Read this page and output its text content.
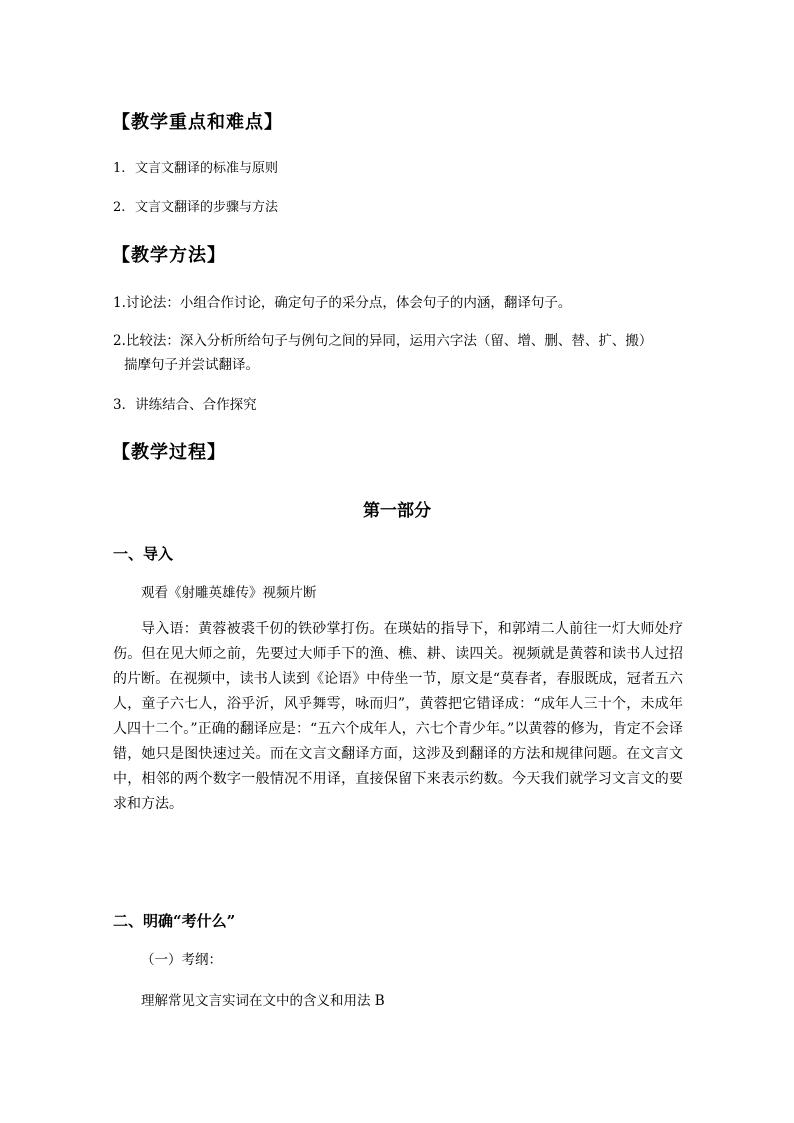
【教学重点和难点】
1. 文言文翻译的标准与原则
2. 文言文翻译的步骤与方法
【教学方法】
1.讨论法：小组合作讨论，确定句子的采分点，体会句子的内涵，翻译句子。
2.比较法：深入分析所给句子与例句之间的异同，运用六字法（留、增、删、替、扩、搬）
揣摩句子并尝试翻译。
3．讲练结合、合作探究
【教学过程】
第一部分
一、导入
观看《射雕英雄传》视频片断
导入语：黄蓉被裘千仞的铁砂掌打伤。在瑛姑的指导下，和郭靖二人前往一灯大师处疗伤。但在见大师之前，先要过大师手下的渔、樵、耕、读四关。视频就是黄蓉和读书人过招的片断。在视频中，读书人读到《论语》中侍坐一节，原文是“莫春者，春服既成，冠者五六人，童子六七人，浴乎沂，风乎舞雩，咏而归”，黄蓉把它错译成：“成年人三十个，未成年人四十二个。”正确的翻译应是：“五六个成年人，六七个青少年。”以黄蓉的修为，肯定不会译错，她只是图快速过关。而在文言文翻译方面，这涉及到翻译的方法和规律问题。在文言文中，相邻的两个数字一般情况不用译，直接保留下来表示约数。今天我们就学习文言文的要求和方法。
二、明确“考什么”
（一）考纲：
理解常见文言实词在文中的含义和用法 B
